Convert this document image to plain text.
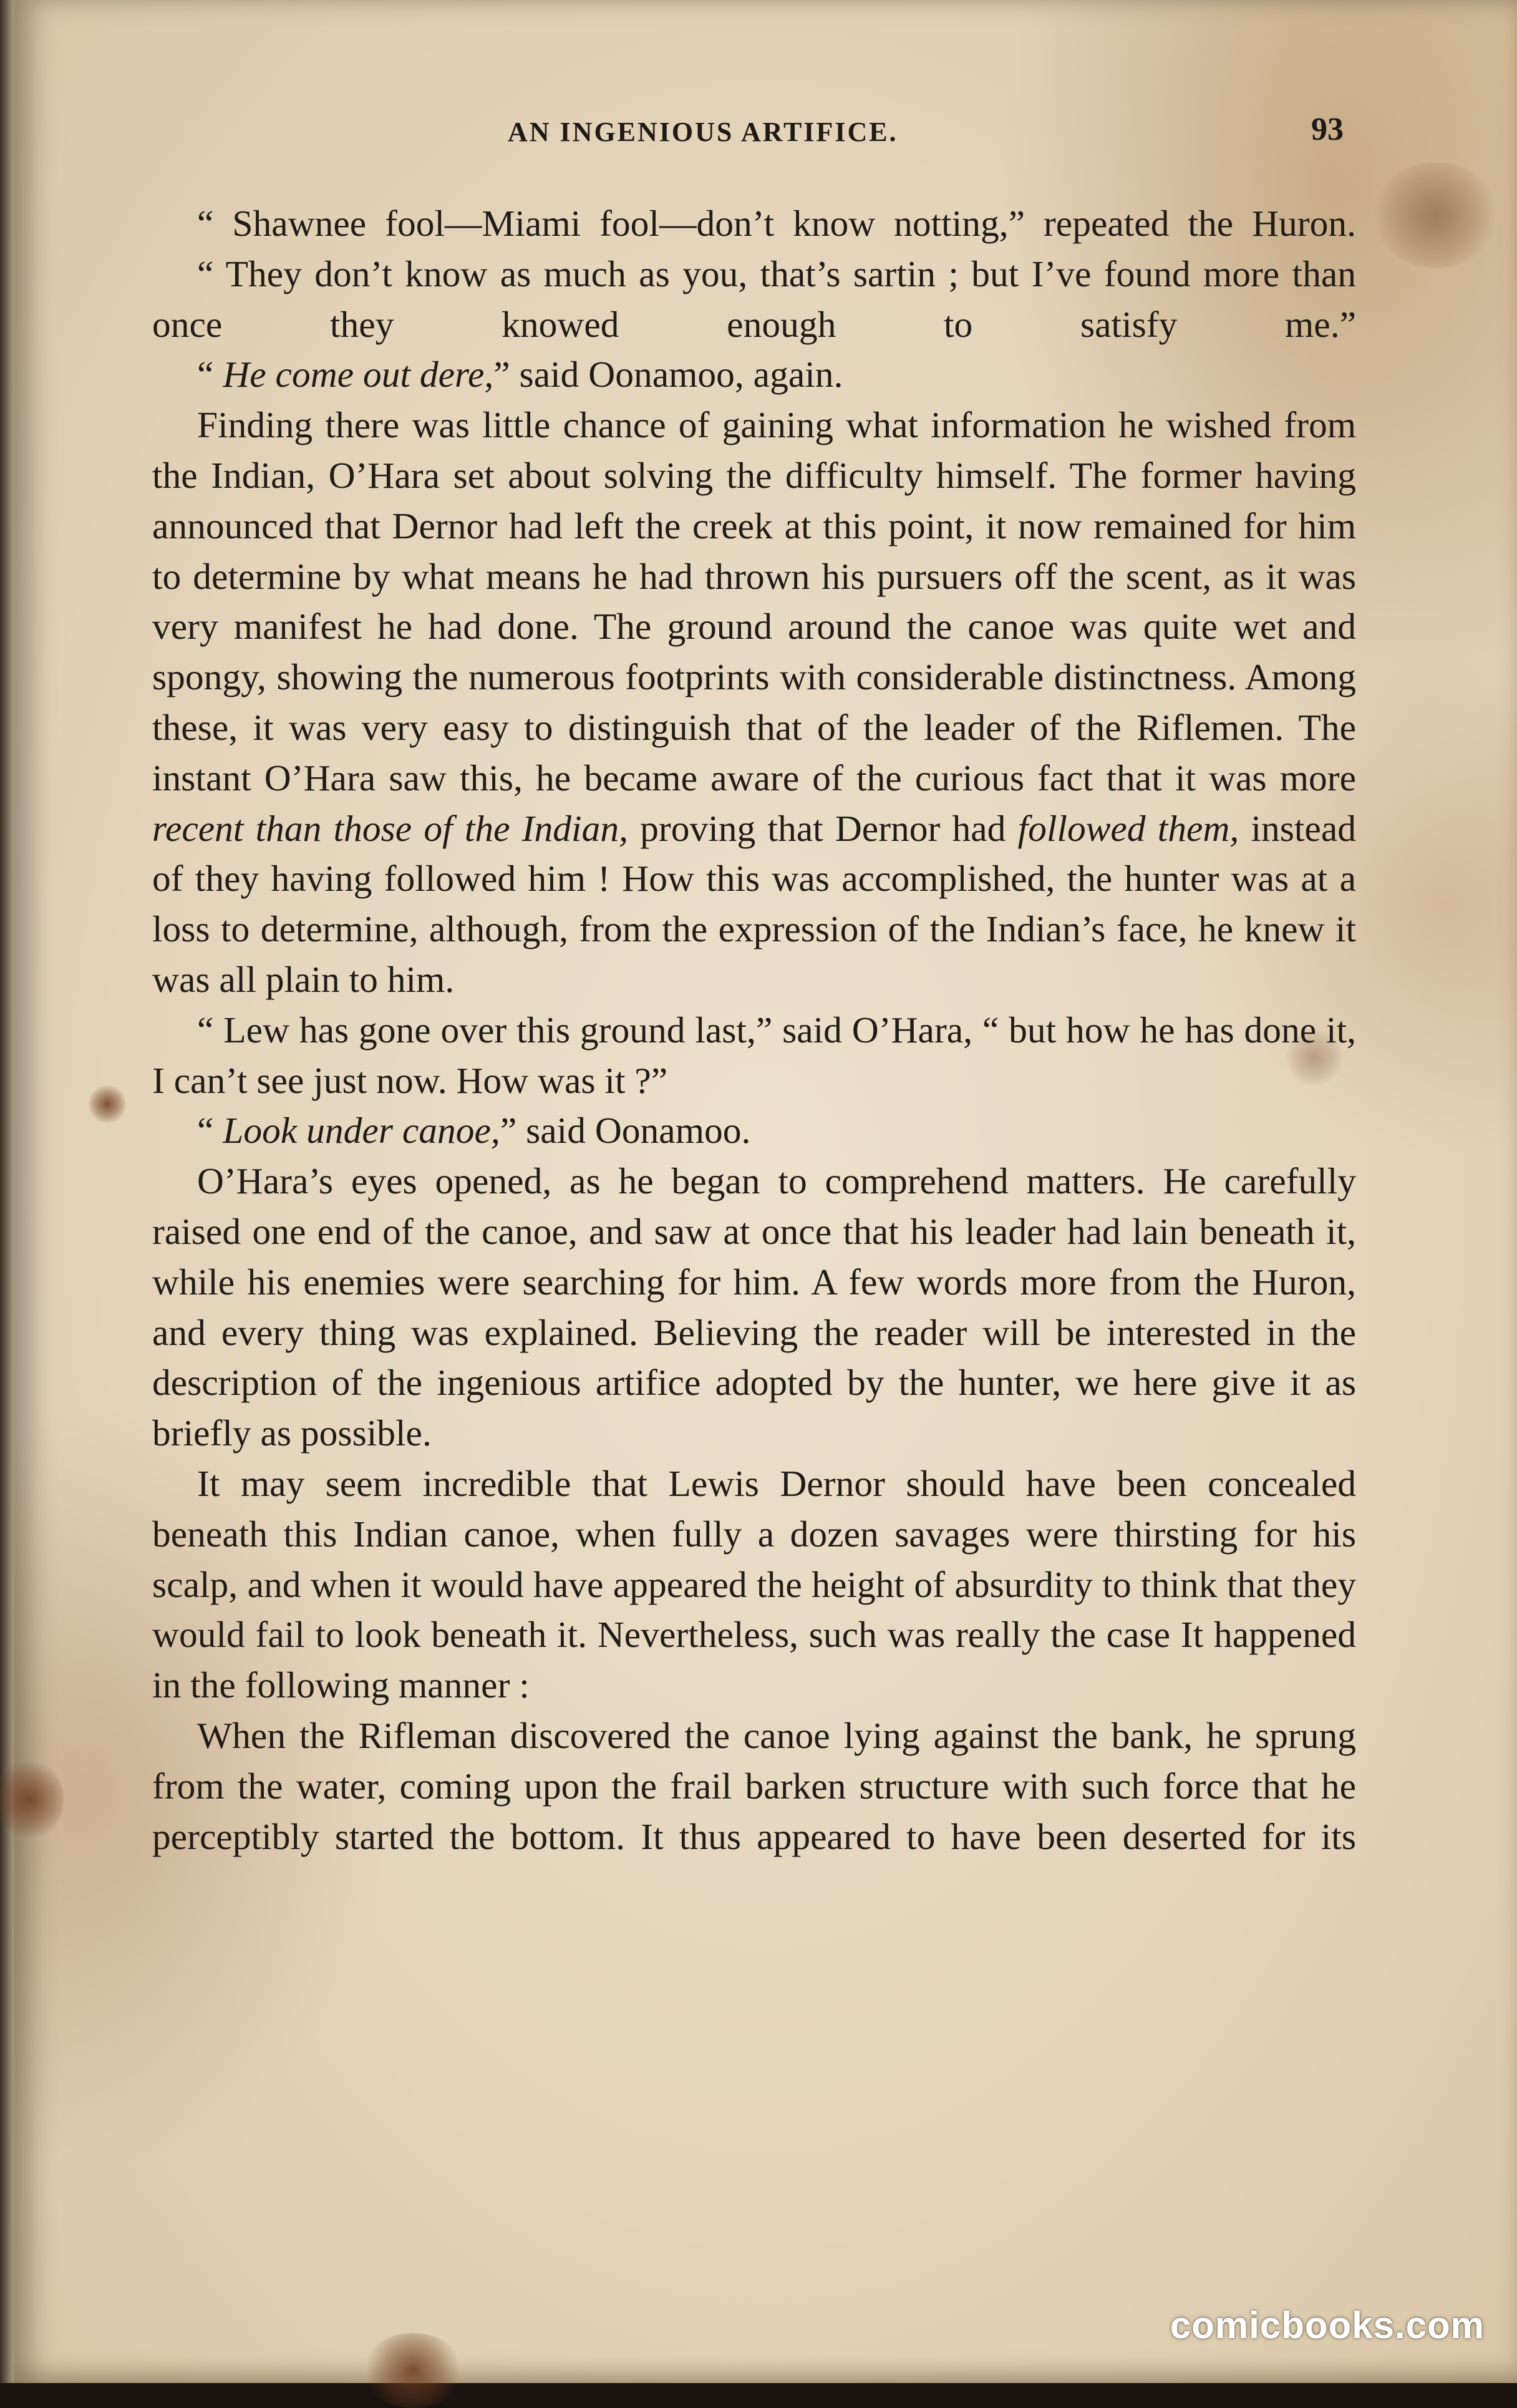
AN INGENIOUS ARTIFICE.	93

“ Shawnee fool—Miami fool—don’t know notting,” repeated the Huron.

“ They don’t know as much as you, that’s sartin ; but I’ve found more than once they knowed enough to satisfy me.”

“ He come out dere,” said Oonamoo, again.

Finding there was little chance of gaining what information he wished from the Indian, O’Hara set about solving the difficulty himself. The former having announced that Dernor had left the creek at this point, it now remained for him to determine by what means he had thrown his pursuers off the scent, as it was very manifest he had done. The ground around the canoe was quite wet and spongy, showing the numerous footprints with considerable distinctness. Among these, it was very easy to distinguish that of the leader of the Riflemen. The instant O’Hara saw this, he became aware of the curious fact that it was more recent than those of the Indian, proving that Dernor had followed them, instead of they having followed him ! How this was accomplished, the hunter was at a loss to determine, although, from the expression of the Indian’s face, he knew it was all plain to him.

“ Lew has gone over this ground last,” said O’Hara, “ but how he has done it, I can’t see just now. How was it ?”

“ Look under canoe,” said Oonamoo.

O’Hara’s eyes opened, as he began to comprehend matters. He carefully raised one end of the canoe, and saw at once that his leader had lain beneath it, while his enemies were searching for him. A few words more from the Huron, and every thing was explained. Believing the reader will be interested in the description of the ingenious artifice adopted by the hunter, we here give it as briefly as possible.

It may seem incredible that Lewis Dernor should have been concealed beneath this Indian canoe, when fully a dozen savages were thirsting for his scalp, and when it would have appeared the height of absurdity to think that they would fail to look beneath it. Nevertheless, such was really the case It happened in the following manner :

When the Rifleman discovered the canoe lying against the bank, he sprung from the water, coming upon the frail barken structure with such force that he perceptibly started the bottom. It thus appeared to have been deserted for its

comicbooks.com
